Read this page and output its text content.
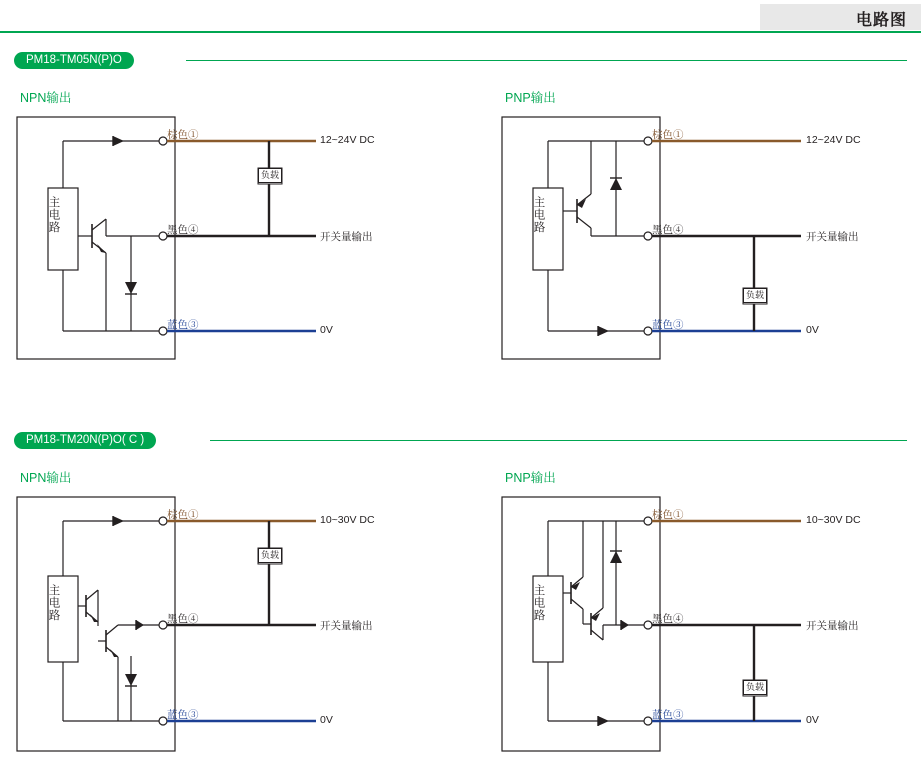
电路图
PM18-TM05N(P)O
NPN输出
主电路
负载
棕色①	12~24V DC
黑色④
开关量输出
蓝色③	0V
PNP输出
主电路
负载
棕色①	12~24V DC
黑色④
开关量输出
蓝色③	0V
PM18-TM20N(P)O( C )
NPN输出
主电路
负载
棕色①	10~30V DC
黑色④
开关量输出
蓝色③	0V
PNP输出
主电路
负载
棕色①	10~30V DC
黑色④
开关量输出
蓝色③	0V
